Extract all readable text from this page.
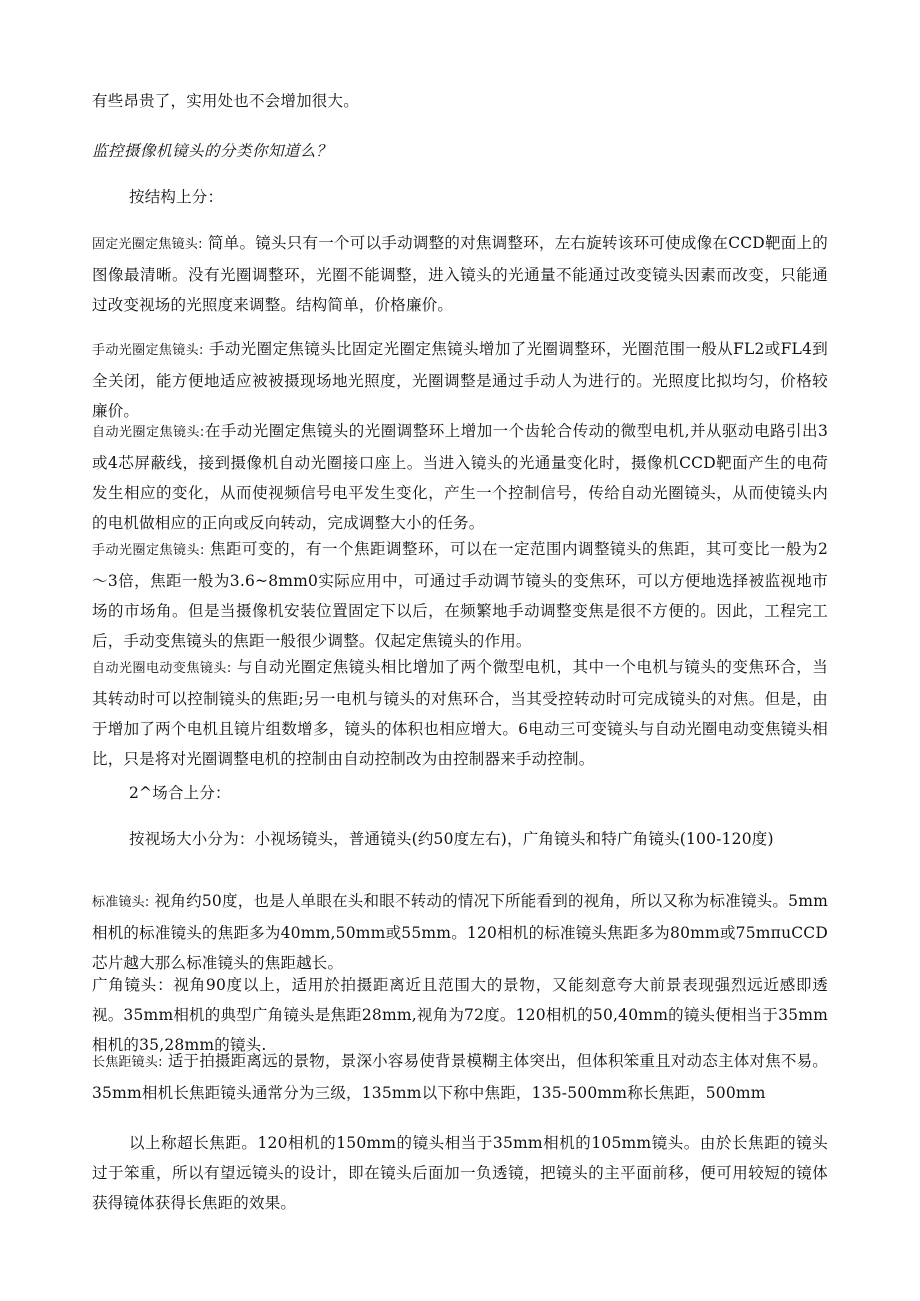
有些昂贵了，实用处也不会增加很大。

监控摄像机镜头的分类你知道么？

按结构上分：

固定光圈定焦镜头: 简单。镜头只有一个可以手动调整的对焦调整环，左右旋转该环可使成像在CCD靶面上的图像最清晰。没有光圈调整环，光圈不能调整，进入镜头的光通量不能通过改变镜头因素而改变，只能通过改变视场的光照度来调整。结构简单，价格廉价。

手动光圈定焦镜头: 手动光圈定焦镜头比固定光圈定焦镜头增加了光圈调整环，光圈范围一般从FL2或FL4到全关闭，能方便地适应被被摄现场地光照度，光圈调整是通过手动人为进行的。光照度比拟均匀，价格较廉价。

自动光圈定焦镜头:在手动光圈定焦镜头的光圈调整环上增加一个齿轮合传动的微型电机,并从驱动电路引出3或4芯屏蔽线，接到摄像机自动光圈接口座上。当进入镜头的光通量变化时，摄像机CCD靶面产生的电荷发生相应的变化，从而使视频信号电平发生变化，产生一个控制信号，传给自动光圈镜头，从而使镜头内的电机做相应的正向或反向转动，完成调整大小的任务。

手动光圈定焦镜头: 焦距可变的，有一个焦距调整环，可以在一定范围内调整镜头的焦距，其可变比一般为2～3倍，焦距一般为3.6~8mm0实际应用中，可通过手动调节镜头的变焦环，可以方便地选择被监视地市场的市场角。但是当摄像机安装位置固定下以后，在频繁地手动调整变焦是很不方便的。因此，工程完工后，手动变焦镜头的焦距一般很少调整。仅起定焦镜头的作用。

自动光圈电动变焦镜头: 与自动光圈定焦镜头相比增加了两个微型电机，其中一个电机与镜头的变焦环合，当其转动时可以控制镜头的焦距;另一电机与镜头的对焦环合，当其受控转动时可完成镜头的对焦。但是，由于增加了两个电机且镜片组数增多，镜头的体积也相应增大。6电动三可变镜头与自动光圈电动变焦镜头相比，只是将对光圈调整电机的控制由自动控制改为由控制器来手动控制。

2^场合上分：

按视场大小分为：小视场镜头，普通镜头(约50度左右)，广角镜头和特广角镜头(100-120度)

标准镜头: 视角约50度，也是人单眼在头和眼不转动的情况下所能看到的视角，所以又称为标准镜头。5mm相机的标准镜头的焦距多为40mm,50mm或55mm。120相机的标准镜头焦距多为80mm或75mπuCCD芯片越大那么标准镜头的焦距越长。

广角镜头：视角90度以上，适用於拍摄距离近且范围大的景物，又能刻意夸大前景表现强烈远近感即透视。35mm相机的典型广角镜头是焦距28mm,视角为72度。120相机的50,40mm的镜头便相当于35mm相机的35,28mm的镜头.

长焦距镜头: 适于拍摄距离远的景物，景深小容易使背景模糊主体突出，但体积笨重且对动态主体对焦不易。35mm相机长焦距镜头通常分为三级，135mm以下称中焦距，135-500mm称长焦距，500mm

以上称超长焦距。120相机的150mm的镜头相当于35mm相机的105mm镜头。由於长焦距的镜头过于笨重，所以有望远镜头的设计，即在镜头后面加一负透镜，把镜头的主平面前移，便可用较短的镜体获得镜体获得长焦距的效果。
